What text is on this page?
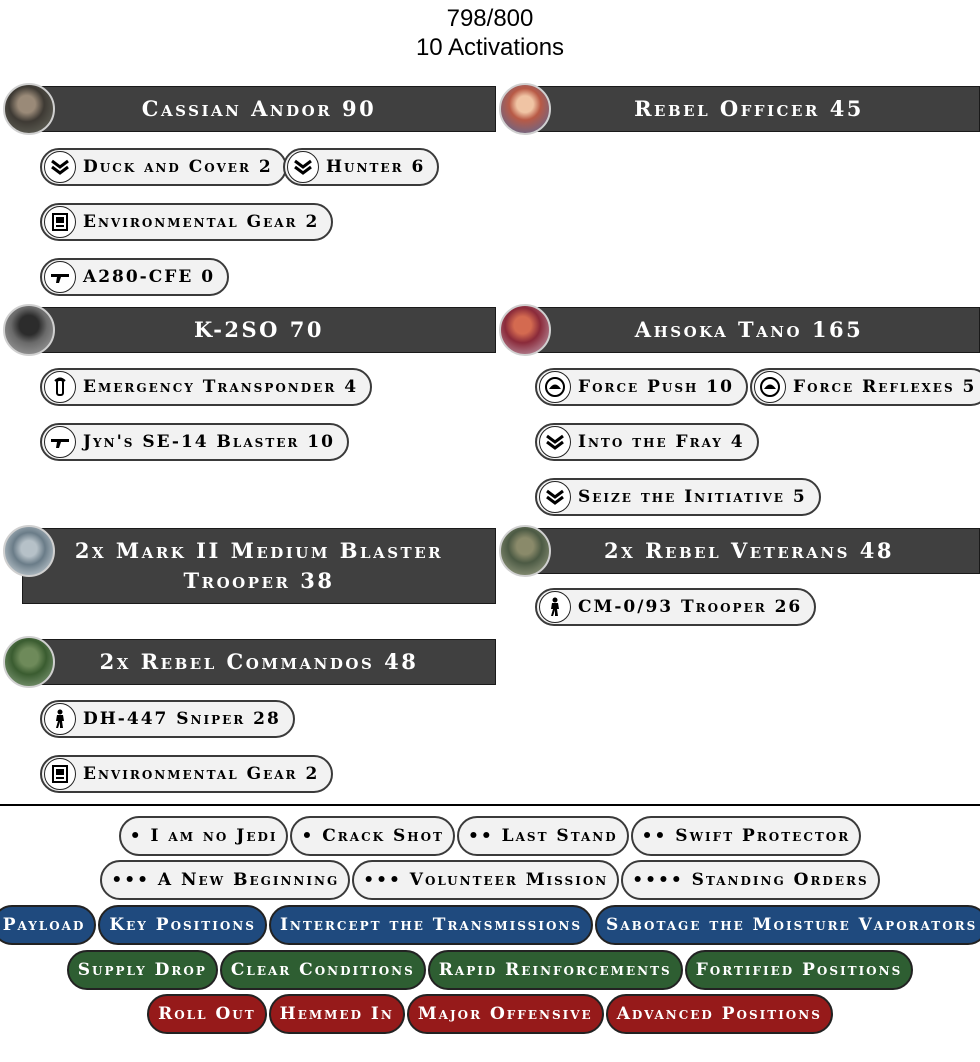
798/800
10 Activations
Cassian Andor 90
Duck and Cover 2	Hunter 6
Environmental Gear 2
A280-CFE 0
Rebel Officer 45
K-2SO 70
Emergency Transponder 4
Jyn's SE-14 Blaster 10
Ahsoka Tano 165
Force Push 10	Force Reflexes 5
Into the Fray 4
Seize the Initiative 5
2x Mark II Medium Blaster Trooper 38
2x Rebel Veterans 48
CM-0/93 Trooper 26
2x Rebel Commandos 48
DH-447 Sniper 28
Environmental Gear 2
• I am no Jedi	• Crack Shot	•• Last Stand	•• Swift Protector
••• A New Beginning	••• Volunteer Mission	•••• Standing Orders
Payload	Key Positions	Intercept the Transmissions	Sabotage the Moisture Vaporators
Supply Drop	Clear Conditions	Rapid Reinforcements	Fortified Positions
Roll Out	Hemmed In	Major Offensive	Advanced Positions
